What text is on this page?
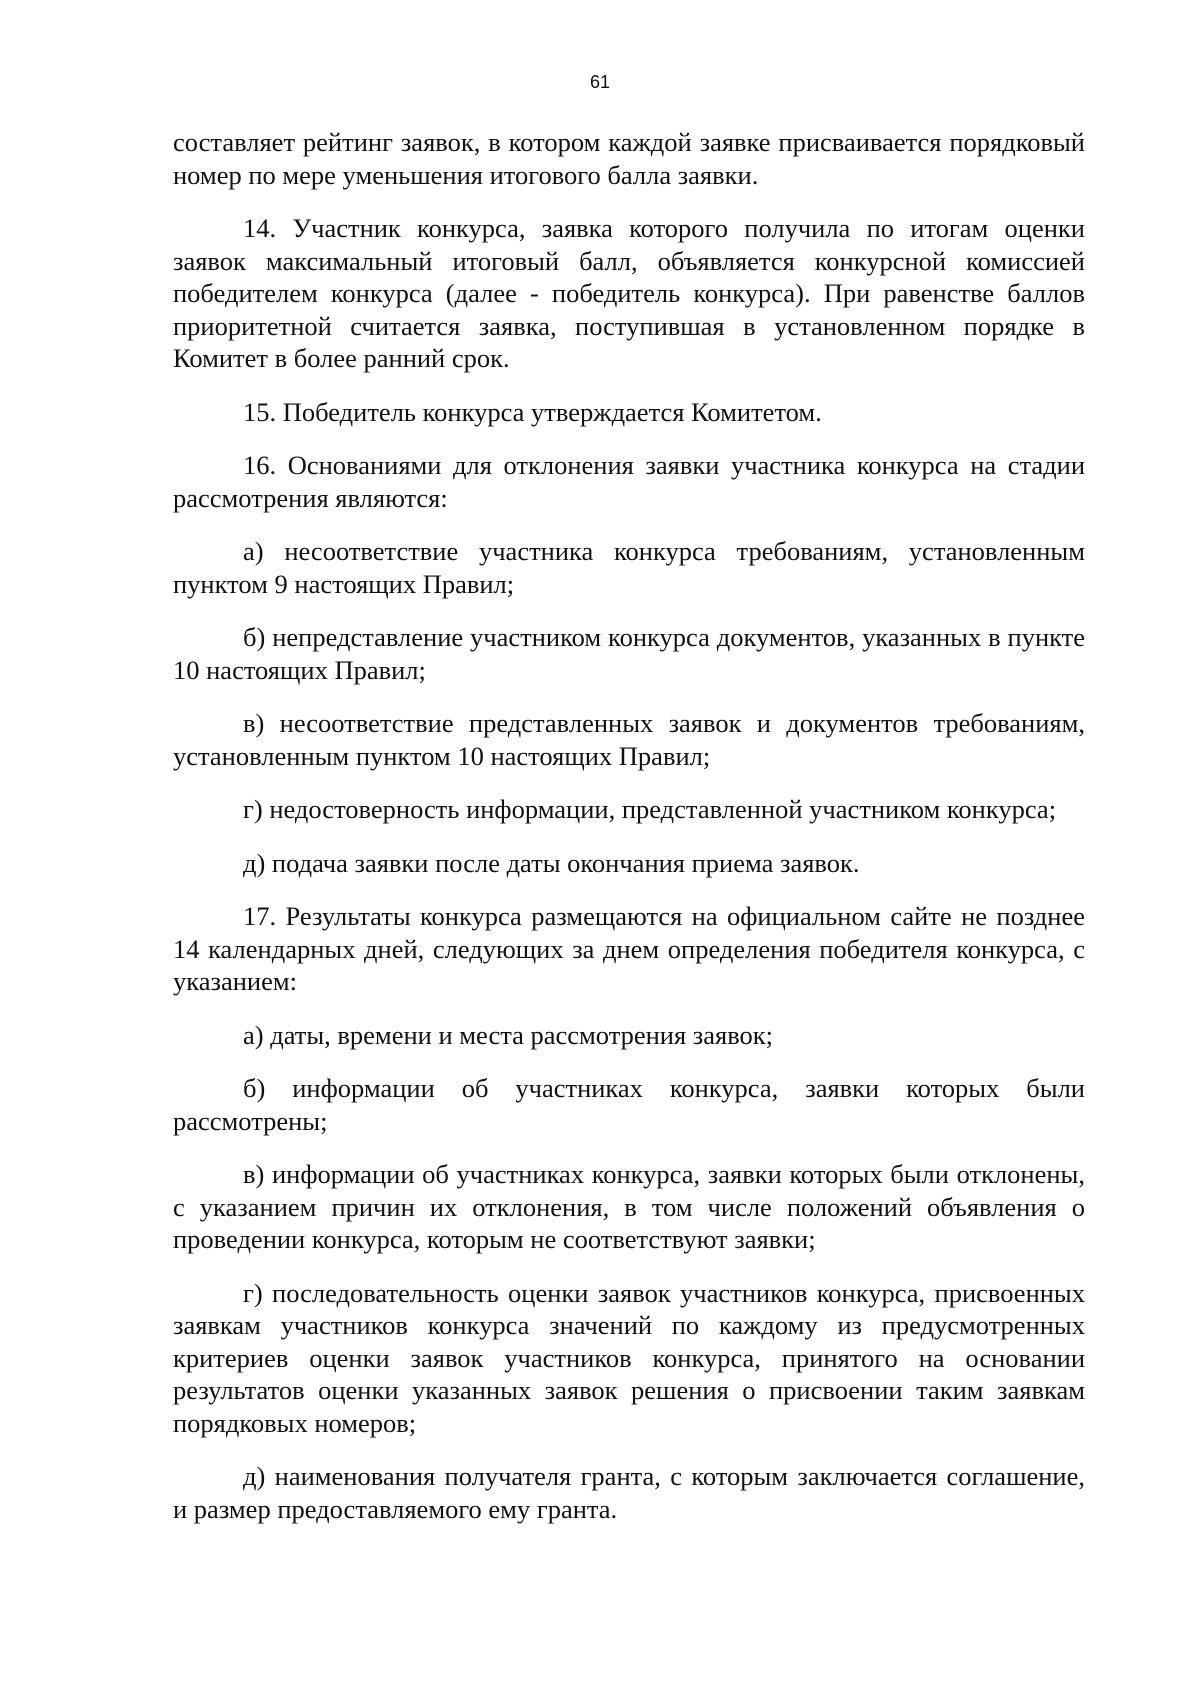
61

составляет рейтинг заявок, в котором каждой заявке присваивается порядковый номер по мере уменьшения итогового балла заявки.

14. Участник конкурса, заявка которого получила по итогам оценки заявок максимальный итоговый балл, объявляется конкурсной комиссией победителем конкурса (далее - победитель конкурса). При равенстве баллов приоритетной считается заявка, поступившая в установленном порядке в Комитет в более ранний срок.

15. Победитель конкурса утверждается Комитетом.

16. Основаниями для отклонения заявки участника конкурса на стадии рассмотрения являются:

а) несоответствие участника конкурса требованиям, установленным пунктом 9 настоящих Правил;

б) непредставление участником конкурса документов, указанных в пункте 10 настоящих Правил;

в) несоответствие представленных заявок и документов требованиям, установленным пунктом 10 настоящих Правил;

г) недостоверность информации, представленной участником конкурса;

д) подача заявки после даты окончания приема заявок.

17. Результаты конкурса размещаются на официальном сайте не позднее 14 календарных дней, следующих за днем определения победителя конкурса, с указанием:

а) даты, времени и места рассмотрения заявок;

б) информации об участниках конкурса, заявки которых были рассмотрены;

в) информации об участниках конкурса, заявки которых были отклонены, с указанием причин их отклонения, в том числе положений объявления о проведении конкурса, которым не соответствуют заявки;

г) последовательность оценки заявок участников конкурса, присвоенных заявкам участников конкурса значений по каждому из предусмотренных критериев оценки заявок участников конкурса, принятого на основании результатов оценки указанных заявок решения о присвоении таким заявкам порядковых номеров;

д) наименования получателя гранта, с которым заключается соглашение, и размер предоставляемого ему гранта.
